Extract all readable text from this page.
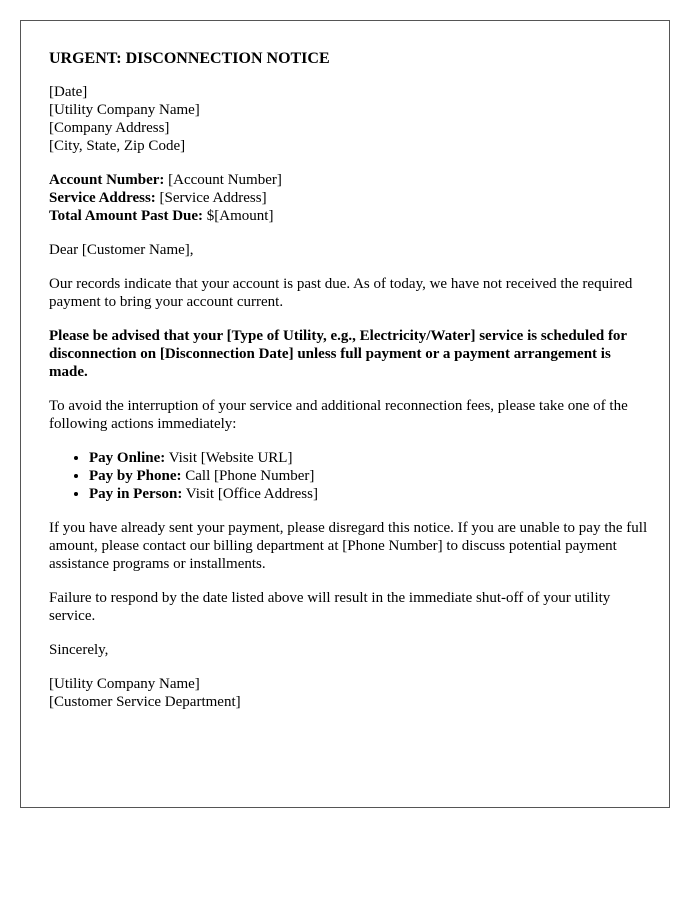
URGENT: DISCONNECTION NOTICE
[Date]
[Utility Company Name]
[Company Address]
[City, State, Zip Code]
Account Number: [Account Number]
Service Address: [Service Address]
Total Amount Past Due: $[Amount]

Dear [Customer Name],

Our records indicate that your account is past due. As of today, we have not received the required payment to bring your account current.

Please be advised that your [Type of Utility, e.g., Electricity/Water] service is scheduled for disconnection on [Disconnection Date] unless full payment or a payment arrangement is made.

To avoid the interruption of your service and additional reconnection fees, please take one of the following actions immediately:

• Pay Online: Visit [Website URL]
• Pay by Phone: Call [Phone Number]
• Pay in Person: Visit [Office Address]

If you have already sent your payment, please disregard this notice. If you are unable to pay the full amount, please contact our billing department at [Phone Number] to discuss potential payment assistance programs or installments.

Failure to respond by the date listed above will result in the immediate shut-off of your utility service.

Sincerely,

[Utility Company Name]
[Customer Service Department]
